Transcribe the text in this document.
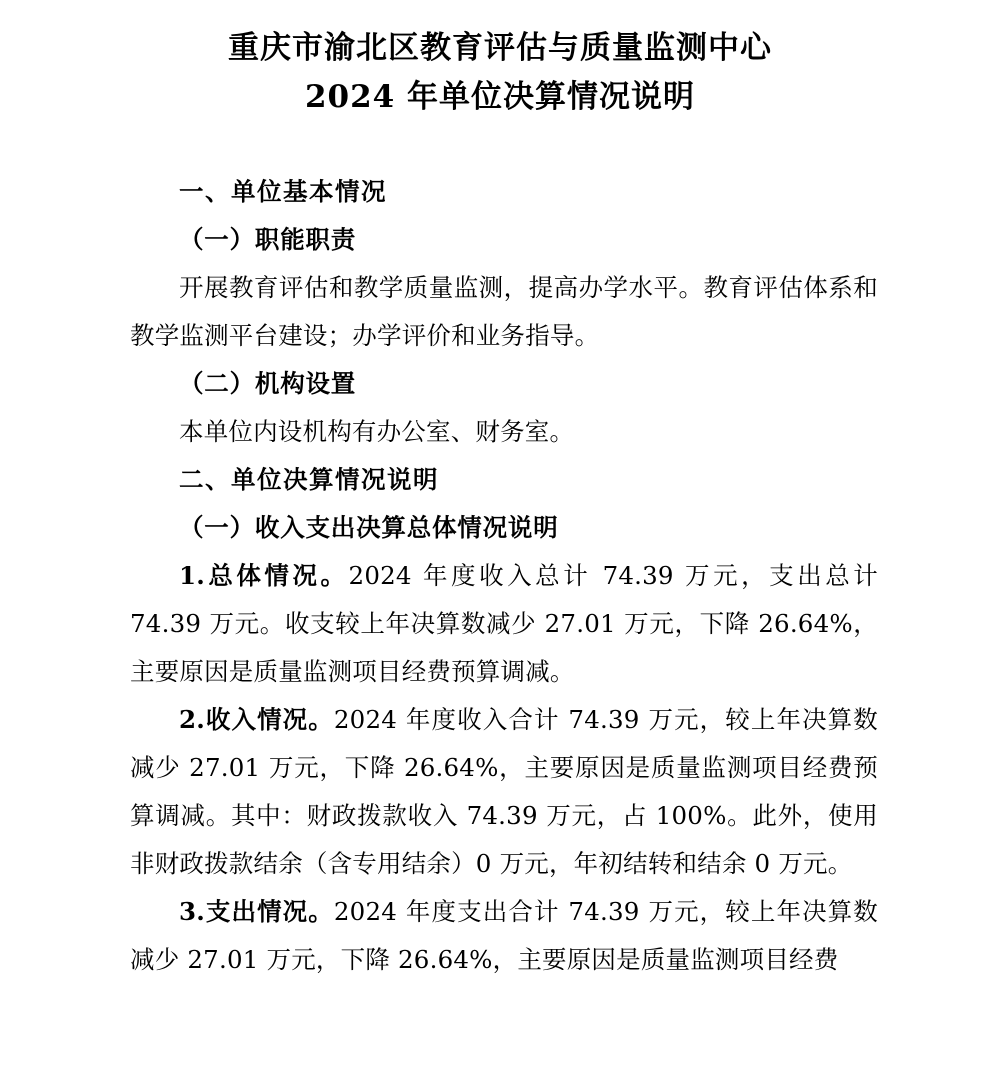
重庆市渝北区教育评估与质量监测中心
2024 年单位决算情况说明

一、单位基本情况

（一）职能职责

开展教育评估和教学质量监测，提高办学水平。教育评估体系和教学监测平台建设；办学评价和业务指导。

（二）机构设置

本单位内设机构有办公室、财务室。

二、单位决算情况说明

（一）收入支出决算总体情况说明

1.总体情况。2024 年度收入总计 74.39 万元，支出总计 74.39 万元。收支较上年决算数减少 27.01 万元，下降 26.64%，主要原因是质量监测项目经费预算调减。

2.收入情况。2024 年度收入合计 74.39 万元，较上年决算数减少 27.01 万元，下降 26.64%，主要原因是质量监测项目经费预算调减。其中：财政拨款收入 74.39 万元，占 100%。此外，使用非财政拨款结余（含专用结余）0 万元，年初结转和结余 0 万元。

3.支出情况。2024 年度支出合计 74.39 万元，较上年决算数减少 27.01 万元，下降 26.64%，主要原因是质量监测项目经费
